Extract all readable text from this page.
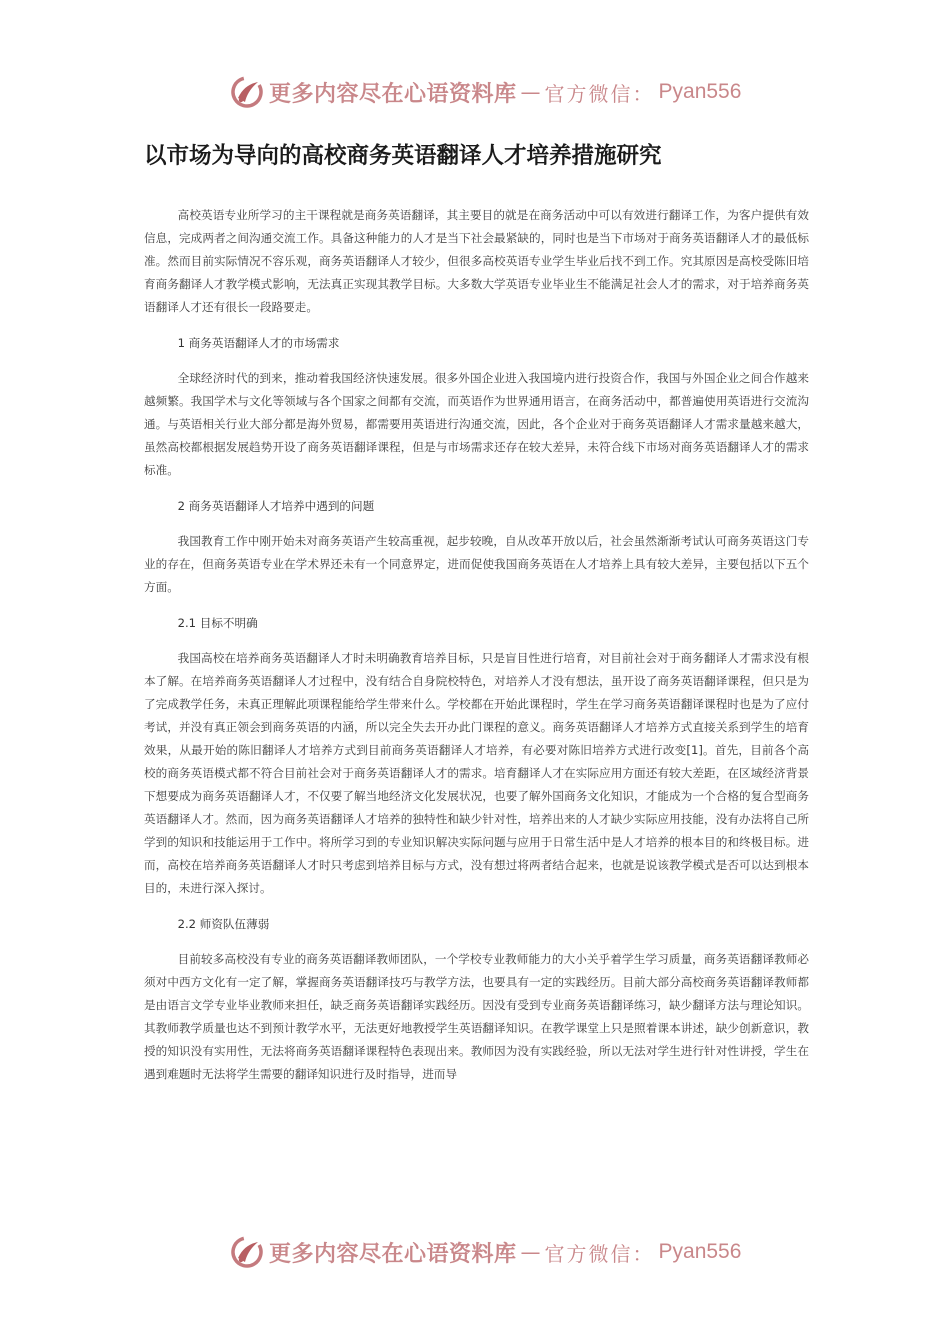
更多内容尽在心语资料库 — 官方微信： Pyan556
以市场为导向的高校商务英语翻译人才培养措施研究

高校英语专业所学习的主干课程就是商务英语翻译，其主要目的就是在商务活动中可以有效进行翻译工作，为客户提供有效信息，完成两者之间沟通交流工作。具备这种能力的人才是当下社会最紧缺的，同时也是当下市场对于商务英语翻译人才的最低标准。然而目前实际情况不容乐观，商务英语翻译人才较少，但很多高校英语专业学生毕业后找不到工作。究其原因是高校受陈旧培育商务翻译人才教学模式影响，无法真正实现其教学目标。大多数大学英语专业毕业生不能满足社会人才的需求，对于培养商务英语翻译人才还有很长一段路要走。

1 商务英语翻译人才的市场需求

全球经济时代的到来，推动着我国经济快速发展。很多外国企业进入我国境内进行投资合作，我国与外国企业之间合作越来越频繁。我国学术与文化等领域与各个国家之间都有交流，而英语作为世界通用语言，在商务活动中，都普遍使用英语进行交流沟通。与英语相关行业大部分都是海外贸易，都需要用英语进行沟通交流，因此，各个企业对于商务英语翻译人才需求量越来越大，虽然高校都根据发展趋势开设了商务英语翻译课程，但是与市场需求还存在较大差异，未符合线下市场对商务英语翻译人才的需求标准。

2 商务英语翻译人才培养中遇到的问题

我国教育工作中刚开始未对商务英语产生较高重视，起步较晚，自从改革开放以后，社会虽然渐渐考试认可商务英语这门专业的存在，但商务英语专业在学术界还未有一个同意界定，进而促使我国商务英语在人才培养上具有较大差异，主要包括以下五个方面。

2.1 目标不明确

我国高校在培养商务英语翻译人才时未明确教育培养目标，只是盲目性进行培育，对目前社会对于商务翻译人才需求没有根本了解。在培养商务英语翻译人才过程中，没有结合自身院校特色，对培养人才没有想法，虽开设了商务英语翻译课程，但只是为了完成教学任务，未真正理解此项课程能给学生带来什么。学校都在开始此课程时，学生在学习商务英语翻译课程时也是为了应付考试，并没有真正领会到商务英语的内涵，所以完全失去开办此门课程的意义。商务英语翻译人才培养方式直接关系到学生的培育效果，从最开始的陈旧翻译人才培养方式到目前商务英语翻译人才培养，有必要对陈旧培养方式进行改变[1]。首先，目前各个高校的商务英语模式都不符合目前社会对于商务英语翻译人才的需求。培育翻译人才在实际应用方面还有较大差距，在区域经济背景下想要成为商务英语翻译人才，不仅要了解当地经济文化发展状况，也要了解外国商务文化知识，才能成为一个合格的复合型商务英语翻译人才。然而，因为商务英语翻译人才培养的独特性和缺少针对性，培养出来的人才缺少实际应用技能，没有办法将自己所学到的知识和技能运用于工作中。将所学习到的专业知识解决实际问题与应用于日常生活中是人才培养的根本目的和终极目标。进而，高校在培养商务英语翻译人才时只考虑到培养目标与方式，没有想过将两者结合起来，也就是说该教学模式是否可以达到根本目的，未进行深入探讨。

2.2 师资队伍薄弱

目前较多高校没有专业的商务英语翻译教师团队，一个学校专业教师能力的大小关乎着学生学习质量，商务英语翻译教师必须对中西方文化有一定了解，掌握商务英语翻译技巧与教学方法，也要具有一定的实践经历。目前大部分高校商务英语翻译教师都是由语言文学专业毕业教师来担任，缺乏商务英语翻译实践经历。因没有受到专业商务英语翻译练习，缺少翻译方法与理论知识。其教师教学质量也达不到预计教学水平，无法更好地教授学生英语翻译知识。在教学课堂上只是照着课本讲述，缺少创新意识，教授的知识没有实用性，无法将商务英语翻译课程特色表现出来。教师因为没有实践经验，所以无法对学生进行针对性讲授，学生在遇到难题时无法将学生需要的翻译知识进行及时指导，进而导

更多内容尽在心语资料库 — 官方微信： Pyan556
